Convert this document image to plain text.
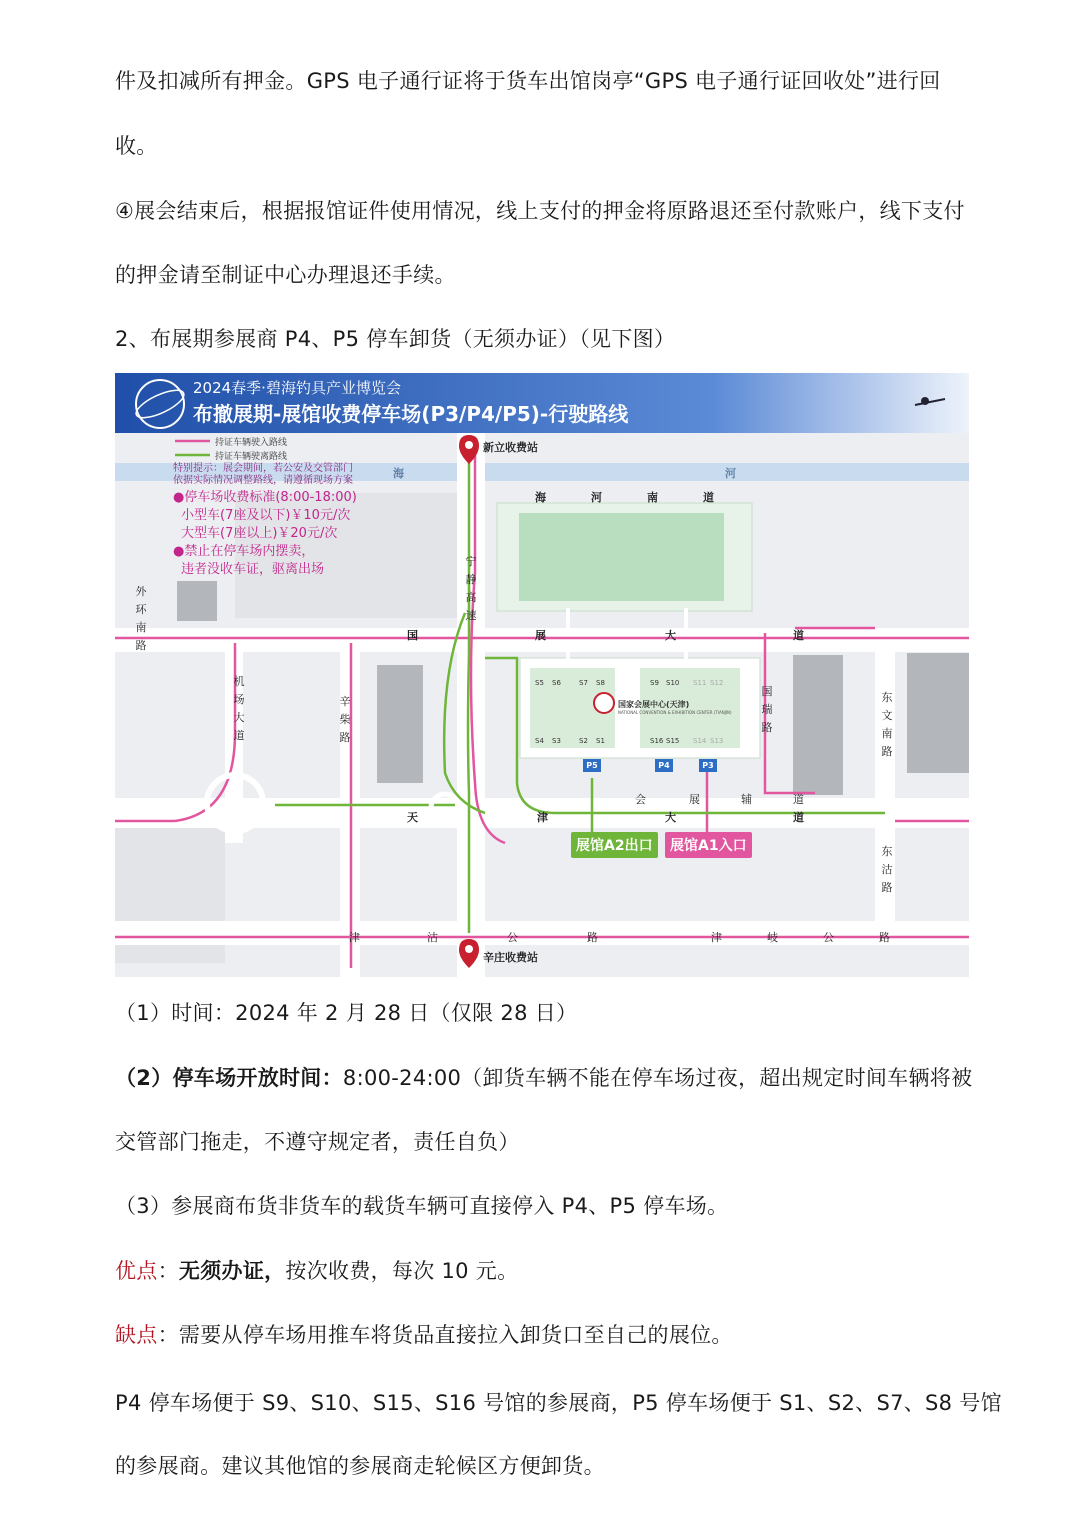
件及扣减所有押金。GPS 电子通行证将于货车出馆岗亭“GPS 电子通行证回收处”进行回
收。
④展会结束后，根据报馆证件使用情况，线上支付的押金将原路退还至付款账户，线下支付
的押金请至制证中心办理退还手续。
2、布展期参展商 P4、P5 停车卸货（无须办证）（见下图）
2024春季·碧海钓具产业博览会
布撤展期-展馆收费停车场(P3/P4/P5)-行驶路线
持证车辆驶入路线
持证车辆驶离路线
特别提示：展会期间，若公安及交管部门
依据实际情况调整路线，请遵循现场方案
●停车场收费标准(8:00-18:00)
小型车(7座及以下)￥10元/次
大型车(7座以上)￥20元/次
●禁止在停车场内摆卖，
违者没收车证，驱离出场
新立收费站
辛庄收费站
海	河
海	河	南	道
国	展	大	道
天	津	大	道
会	展	辅	道
津	沽	公	路	津	岐	公	路
外环南路
机场大道
辛柴路
宁静高速
国瑞路
东文南路
东沽路
S5 S6	S7 S8	S9 S10 S11 S12
S4 S3	S2 S1	S16 S15 S14 S13
国家会展中心(天津)
NATIONAL CONVENTION & EXHIBITION CENTER (TIANJIN)
P5	P4	P3
展馆A2出口	展馆A1入口
（1）时间：2024 年 2 月 28 日（仅限 28 日）
（2）停车场开放时间：8:00-24:00（卸货车辆不能在停车场过夜，超出规定时间车辆将被
交管部门拖走，不遵守规定者，责任自负）
（3）参展商布货非货车的载货车辆可直接停入 P4、P5 停车场。
优点：无须办证，按次收费，每次 10 元。
缺点：需要从停车场用推车将货品直接拉入卸货口至自己的展位。
P4 停车场便于 S9、S10、S15、S16 号馆的参展商，P5 停车场便于 S1、S2、S7、S8 号馆
的参展商。建议其他馆的参展商走轮候区方便卸货。
